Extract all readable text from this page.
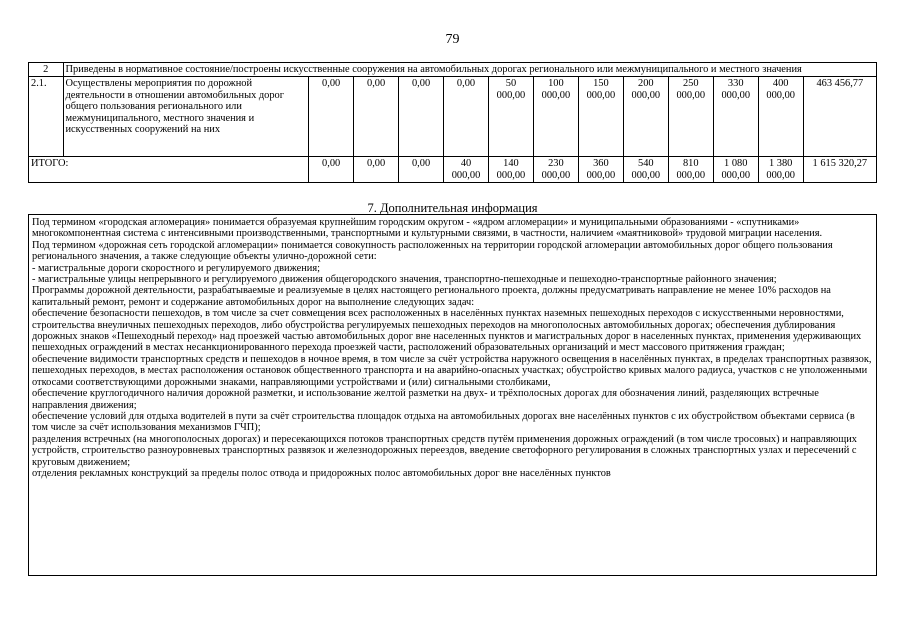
79
2	Приведены в нормативное состояние/построены искусственные сооружения на автомобильных дорогах регионального или межмуниципального и местного значения												
2.1.	Осуществлены мероприятия по дорожной деятельности в отношении автомобильных дорог общего пользования регионального или межмуниципального, местного значения и искусственных сооружений на них	0,00	0,00	0,00	0,00	50 000,00	100 000,00	150 000,00	200 000,00	250 000,00	330 000,00	400 000,00	463 456,77
ИТОГО:		0,00	0,00	0,00	40 000,00	140 000,00	230 000,00	360 000,00	540 000,00	810 000,00	1 080 000,00	1 380 000,00	1 615 320,27
7. Дополнительная информация

Под термином «городская агломерация» понимается образуемая крупнейшим городским округом - «ядром агломерации» и муниципальными образованиями - «спутниками» многокомпонентная система с интенсивными производственными, транспортными и культурными связями, в частности, наличием «маятниковой» трудовой миграции населения.

Под термином «дорожная сеть городской агломерации» понимается совокупность расположенных на территории городской агломерации автомобильных дорог общего пользования регионального значения, а также следующие объекты улично-дорожной сети:

- магистральные дороги скоростного и регулируемого движения;

- магистральные улицы непрерывного и регулируемого движения общегородского значения, транспортно-пешеходные и пешеходно-транспортные районного значения;

Программы дорожной деятельности, разрабатываемые и реализуемые в целях настоящего регионального проекта, должны предусматривать направление не менее 10% расходов на капитальный ремонт, ремонт и содержание автомобильных дорог на выполнение следующих задач:

обеспечение безопасности пешеходов, в том числе за счет совмещения всех расположенных в населённых пунктах наземных пешеходных переходов с искусственными неровностями, строительства внеуличных пешеходных переходов, либо обустройства регулируемых пешеходных переходов на многополосных автомобильных дорогах; обеспечения дублирования дорожных знаков «Пешеходный переход» над проезжей частью автомобильных дорог вне населенных пунктов и магистральных дорог в населенных пунктах, применения удерживающих пешеходных ограждений в местах несанкционированного перехода проезжей части, расположений образовательных организаций и мест массового притяжения граждан;

обеспечение видимости транспортных средств и пешеходов в ночное время, в том числе за счёт устройства наружного освещения в населённых пунктах, в пределах транспортных развязок, пешеходных переходов, в местах расположения остановок общественного транспорта и на аварийно-опасных участках; обустройство кривых малого радиуса, участков с не уположенными откосами соответствующими дорожными знаками, направляющими устройствами и (или) сигнальными столбиками,

обеспечение круглогодичного наличия дорожной разметки, и использование желтой разметки на двух- и трёхполосных дорогах для обозначения линий, разделяющих встречные направления движения;

обеспечение условий для отдыха водителей в пути за счёт строительства площадок отдыха на автомобильных дорогах вне населённых пунктов с их обустройством объектами сервиса (в том числе за счёт использования механизмов ГЧП);

разделения встречных (на многополосных дорогах) и пересекающихся потоков транспортных средств путём применения дорожных ограждений (в том числе тросовых) и направляющих устройств, строительство разноуровневых транспортных развязок и железнодорожных переездов, введение светофорного регулирования в сложных транспортных узлах и пересечений с круговым движением;

отделения рекламных конструкций за пределы полос отвода и придорожных полос автомобильных дорог вне населённых пунктов
